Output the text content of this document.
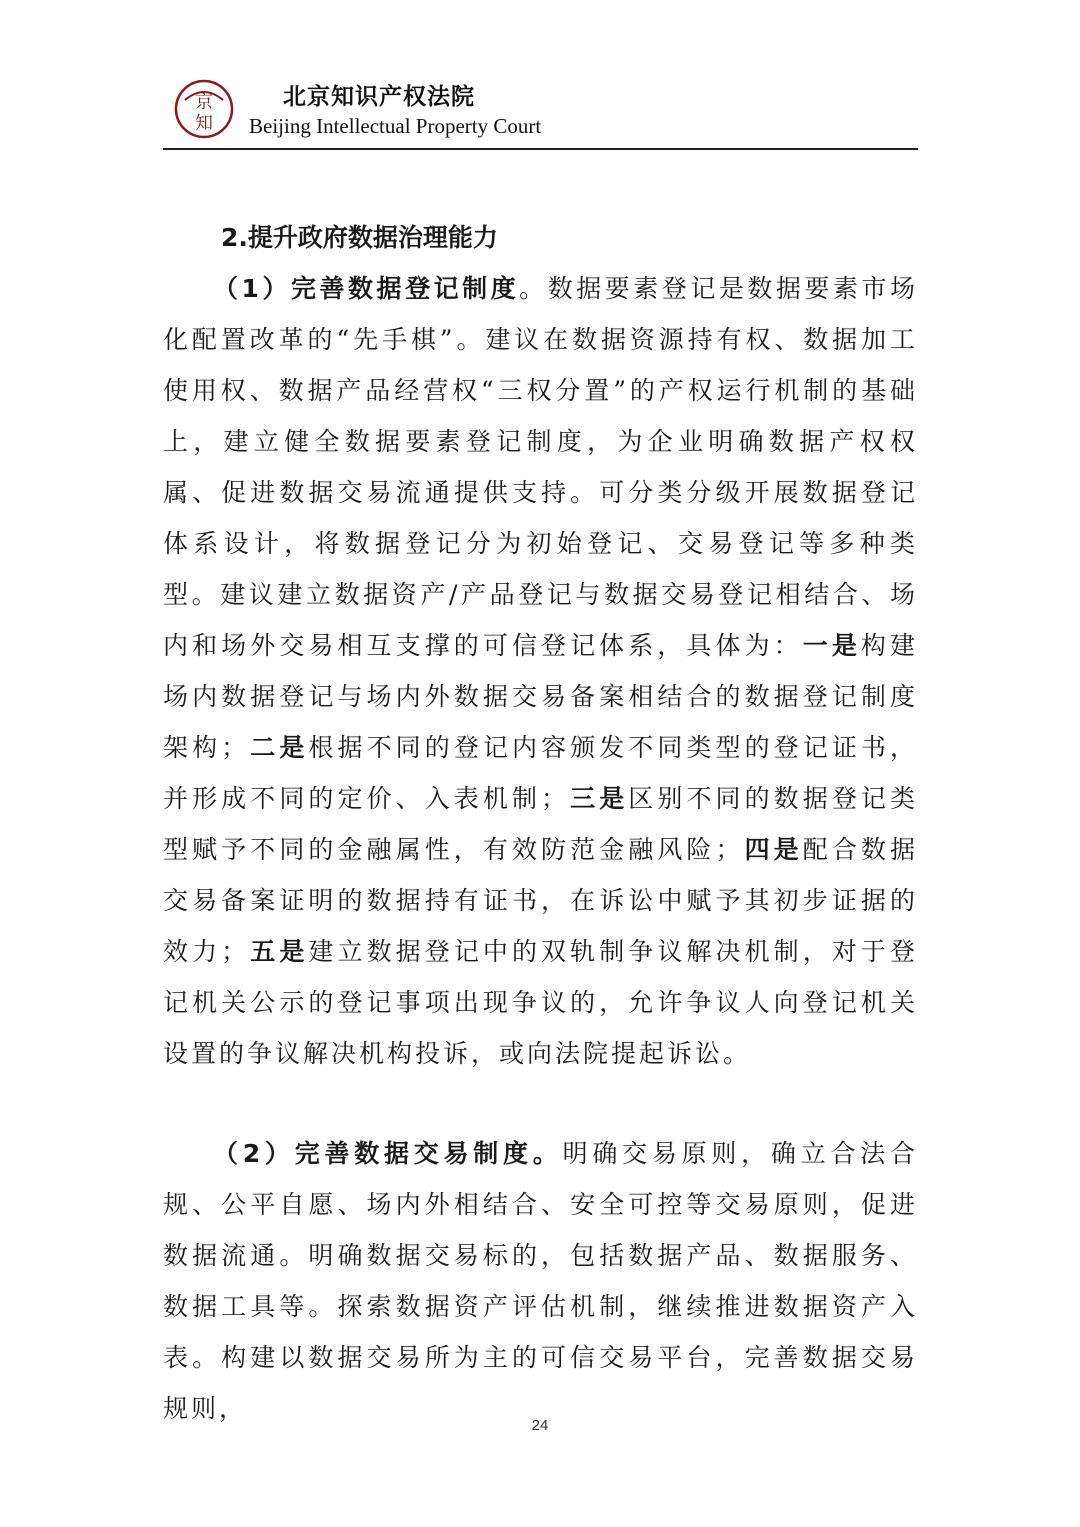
京
知
北京知识产权法院
Beijing Intellectual Property Court
2.提升政府数据治理能力

（1）完善数据登记制度。数据要素登记是数据要素市场化配置改革的“先手棋”。建议在数据资源持有权、数据加工使用权、数据产品经营权“三权分置”的产权运行机制的基础上，建立健全数据要素登记制度，为企业明确数据产权权属、促进数据交易流通提供支持。可分类分级开展数据登记体系设计，将数据登记分为初始登记、交易登记等多种类型。建议建立数据资产/产品登记与数据交易登记相结合、场内和场外交易相互支撑的可信登记体系，具体为：一是构建场内数据登记与场内外数据交易备案相结合的数据登记制度架构；二是根据不同的登记内容颁发不同类型的登记证书，并形成不同的定价、入表机制；三是区别不同的数据登记类型赋予不同的金融属性，有效防范金融风险；四是配合数据交易备案证明的数据持有证书，在诉讼中赋予其初步证据的效力；五是建立数据登记中的双轨制争议解决机制，对于登记机关公示的登记事项出现争议的，允许争议人向登记机关设置的争议解决机构投诉，或向法院提起诉讼。

（2）完善数据交易制度。明确交易原则，确立合法合规、公平自愿、场内外相结合、安全可控等交易原则，促进数据流通。明确数据交易标的，包括数据产品、数据服务、数据工具等。探索数据资产评估机制，继续推进数据资产入表。构建以数据交易所为主的可信交易平台，完善数据交易规则，

24
